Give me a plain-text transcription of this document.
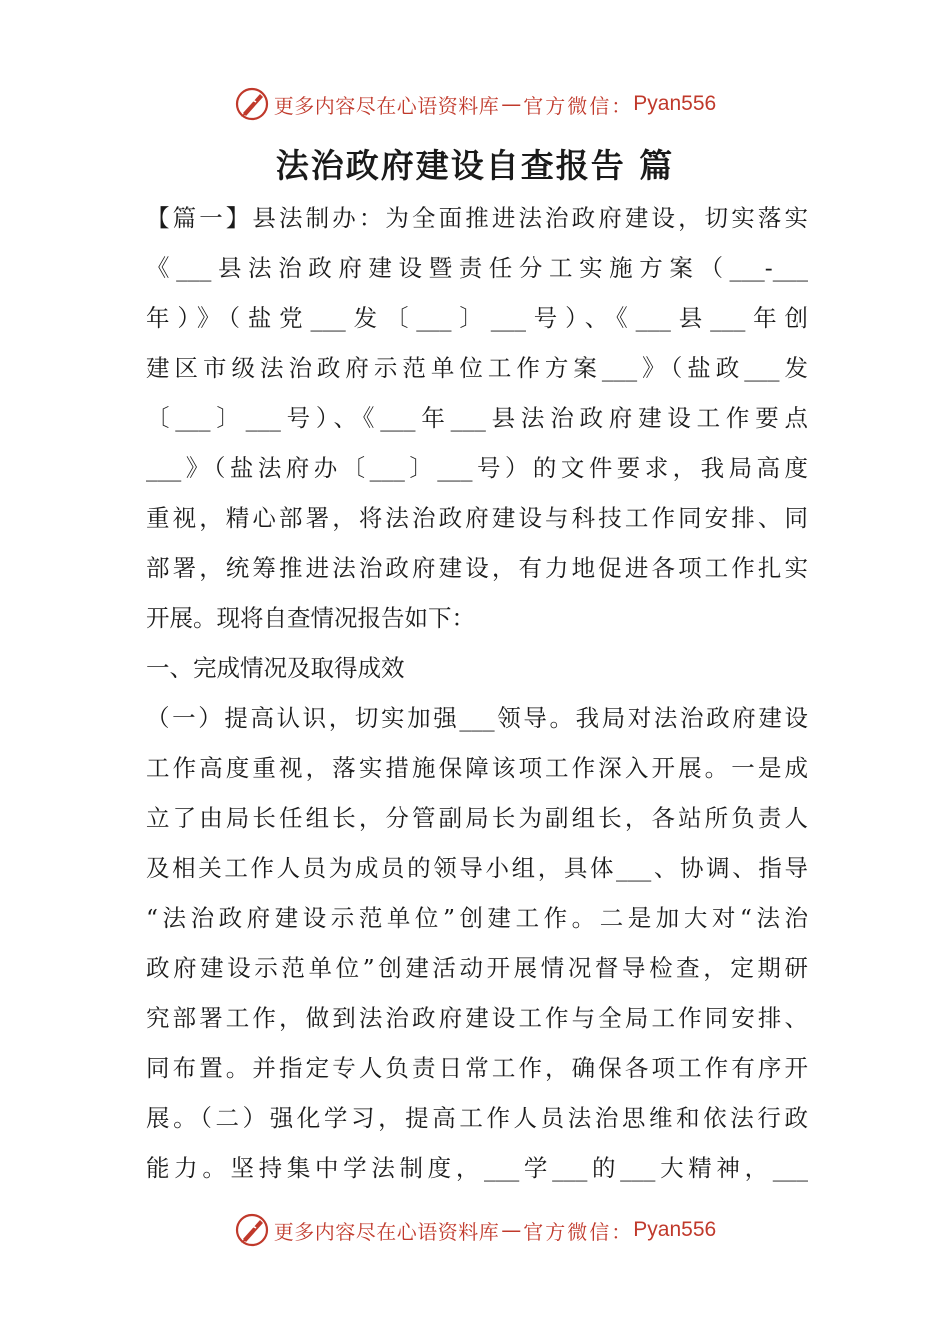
更多内容尽在心语资料库 — 官方微信： Pyan556
法治政府建设自查报告 篇
【篇一】县法制办：为全面推进法治政府建设，切实落实
《___县法治政府建设暨责任分工实施方案（___-___
年）》（盐党___发〔___〕___号）、《___县___年创
建区市级法治政府示范单位工作方案___》（盐政___发
〔___〕___号）、《___年___县法治政府建设工作要点
___》（盐法府办〔___〕___号）的文件要求，我局高度
重视，精心部署，将法治政府建设与科技工作同安排、同
部署，统筹推进法治政府建设，有力地促进各项工作扎实
开展。现将自查情况报告如下：
一、完成情况及取得成效
（一）提高认识，切实加强___领导。我局对法治政府建设
工作高度重视，落实措施保障该项工作深入开展。一是成
立了由局长任组长，分管副局长为副组长，各站所负责人
及相关工作人员为成员的领导小组，具体___、协调、指导
“法治政府建设示范单位”创建工作。二是加大对“法治
政府建设示范单位”创建活动开展情况督导检查，定期研
究部署工作，做到法治政府建设工作与全局工作同安排、
同布置。并指定专人负责日常工作，确保各项工作有序开
展。（二）强化学习，提高工作人员法治思维和依法行政
能力。坚持集中学法制度，___学___的___大精神，___
更多内容尽在心语资料库 — 官方微信： Pyan556
